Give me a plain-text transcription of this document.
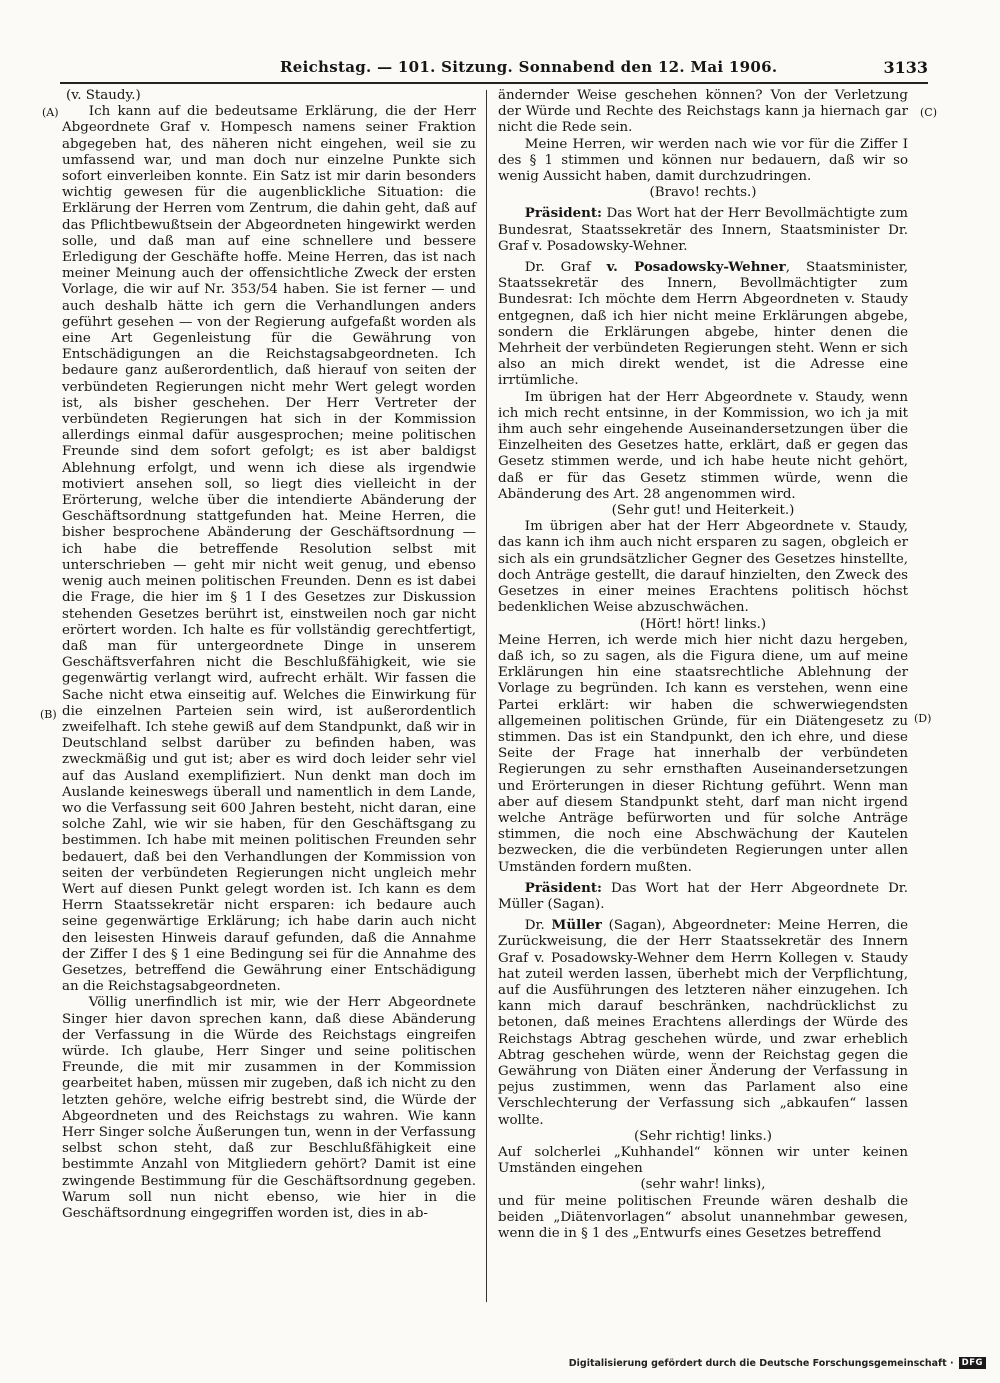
Reichstag. — 101. Sitzung. Sonnabend den 12. Mai 1906.	3133
(A)
(B)
(C)
(D)

(v. Staudy.)

Ich kann auf die bedeutsame Erklärung, die der Herr Abgeordnete Graf v. Hompesch namens seiner Fraktion abgegeben hat, des näheren nicht eingehen, weil sie zu umfassend war, und man doch nur einzelne Punkte sich sofort einverleiben konnte. Ein Satz ist mir darin besonders wichtig gewesen für die augenblickliche Situation: die Erklärung der Herren vom Zentrum, die dahin geht, daß auf das Pflichtbewußtsein der Abgeordneten hingewirkt werden solle, und daß man auf eine schnellere und bessere Erledigung der Geschäfte hoffe. Meine Herren, das ist nach meiner Meinung auch der offensichtliche Zweck der ersten Vorlage, die wir auf Nr. 353/54 haben. Sie ist ferner — und auch deshalb hätte ich gern die Verhandlungen anders geführt gesehen — von der Regierung aufgefaßt worden als eine Art Gegenleistung für die Gewährung von Entschädigungen an die Reichstagsabgeordneten. Ich bedaure ganz außerordentlich, daß hierauf von seiten der verbündeten Regierungen nicht mehr Wert gelegt worden ist, als bisher geschehen. Der Herr Vertreter der verbündeten Regierungen hat sich in der Kommission allerdings einmal dafür ausgesprochen; meine politischen Freunde sind dem sofort gefolgt; es ist aber baldigst Ablehnung erfolgt, und wenn ich diese als irgendwie motiviert ansehen soll, so liegt dies vielleicht in der Erörterung, welche über die intendierte Abänderung der Geschäftsordnung stattgefunden hat. Meine Herren, die bisher besprochene Abänderung der Geschäftsordnung — ich habe die betreffende Resolution selbst mit unterschrieben — geht mir nicht weit genug, und ebenso wenig auch meinen politischen Freunden. Denn es ist dabei die Frage, die hier im § 1 I des Gesetzes zur Diskussion stehenden Gesetzes berührt ist, einstweilen noch gar nicht erörtert worden. Ich halte es für vollständig gerechtfertigt, daß man für untergeordnete Dinge in unserem Geschäftsverfahren nicht die Beschlußfähigkeit, wie sie gegenwärtig verlangt wird, aufrecht erhält. Wir fassen die Sache nicht etwa einseitig auf. Welches die Einwirkung für die einzelnen Parteien sein wird, ist außerordentlich zweifelhaft. Ich stehe gewiß auf dem Standpunkt, daß wir in Deutschland selbst darüber zu befinden haben, was zweckmäßig und gut ist; aber es wird doch leider sehr viel auf das Ausland exemplifiziert. Nun denkt man doch im Auslande keineswegs überall und namentlich in dem Lande, wo die Verfassung seit 600 Jahren besteht, nicht daran, eine solche Zahl, wie wir sie haben, für den Geschäftsgang zu bestimmen. Ich habe mit meinen politischen Freunden sehr bedauert, daß bei den Verhandlungen der Kommission von seiten der verbündeten Regierungen nicht ungleich mehr Wert auf diesen Punkt gelegt worden ist. Ich kann es dem Herrn Staatssekretär nicht ersparen: ich bedaure auch seine gegenwärtige Erklärung; ich habe darin auch nicht den leisesten Hinweis darauf gefunden, daß die Annahme der Ziffer I des § 1 eine Bedingung sei für die Annahme des Gesetzes, betreffend die Gewährung einer Entschädigung an die Reichstagsabgeordneten.

Völlig unerfindlich ist mir, wie der Herr Abgeordnete Singer hier davon sprechen kann, daß diese Abänderung der Verfassung in die Würde des Reichstags eingreifen würde. Ich glaube, Herr Singer und seine politischen Freunde, die mit mir zusammen in der Kommission gearbeitet haben, müssen mir zugeben, daß ich nicht zu den letzten gehöre, welche eifrig bestrebt sind, die Würde der Abgeordneten und des Reichstags zu wahren. Wie kann Herr Singer solche Äußerungen tun, wenn in der Verfassung selbst schon steht, daß zur Beschlußfähigkeit eine bestimmte Anzahl von Mitgliedern gehört? Damit ist eine zwingende Bestimmung für die Geschäftsordnung gegeben. Warum soll nun nicht ebenso, wie hier in die Geschäftsordnung eingegriffen worden ist, dies in ab-

ändernder Weise geschehen können? Von der Verletzung der Würde und Rechte des Reichstags kann ja hiernach gar nicht die Rede sein.

Meine Herren, wir werden nach wie vor für die Ziffer I des § 1 stimmen und können nur bedauern, daß wir so wenig Aussicht haben, damit durchzudringen.

(Bravo! rechts.)

Präsident: Das Wort hat der Herr Bevollmächtigte zum Bundesrat, Staatssekretär des Innern, Staatsminister Dr. Graf v. Posadowsky-Wehner.

Dr. Graf v. Posadowsky-Wehner, Staatsminister, Staatssekretär des Innern, Bevollmächtigter zum Bundesrat: Ich möchte dem Herrn Abgeordneten v. Staudy entgegnen, daß ich hier nicht meine Erklärungen abgebe, sondern die Erklärungen abgebe, hinter denen die Mehrheit der verbündeten Regierungen steht. Wenn er sich also an mich direkt wendet, ist die Adresse eine irrtümliche.

Im übrigen hat der Herr Abgeordnete v. Staudy, wenn ich mich recht entsinne, in der Kommission, wo ich ja mit ihm auch sehr eingehende Auseinandersetzungen über die Einzelheiten des Gesetzes hatte, erklärt, daß er gegen das Gesetz stimmen werde, und ich habe heute nicht gehört, daß er für das Gesetz stimmen würde, wenn die Abänderung des Art. 28 angenommen wird.

(Sehr gut! und Heiterkeit.)

Im übrigen aber hat der Herr Abgeordnete v. Staudy, das kann ich ihm auch nicht ersparen zu sagen, obgleich er sich als ein grundsätzlicher Gegner des Gesetzes hinstellte, doch Anträge gestellt, die darauf hinzielten, den Zweck des Gesetzes in einer meines Erachtens politisch höchst bedenklichen Weise abzuschwächen.

(Hört! hört! links.)

Meine Herren, ich werde mich hier nicht dazu hergeben, daß ich, so zu sagen, als die Figura diene, um auf meine Erklärungen hin eine staatsrechtliche Ablehnung der Vorlage zu begründen. Ich kann es verstehen, wenn eine Partei erklärt: wir haben die schwerwiegendsten allgemeinen politischen Gründe, für ein Diätengesetz zu stimmen. Das ist ein Standpunkt, den ich ehre, und diese Seite der Frage hat innerhalb der verbündeten Regierungen zu sehr ernsthaften Auseinandersetzungen und Erörterungen in dieser Richtung geführt. Wenn man aber auf diesem Standpunkt steht, darf man nicht irgend welche Anträge befürworten und für solche Anträge stimmen, die noch eine Abschwächung der Kautelen bezwecken, die die verbündeten Regierungen unter allen Umständen fordern mußten.

Präsident: Das Wort hat der Herr Abgeordnete Dr. Müller (Sagan).

Dr. Müller (Sagan), Abgeordneter: Meine Herren, die Zurückweisung, die der Herr Staatssekretär des Innern Graf v. Posadowsky-Wehner dem Herrn Kollegen v. Staudy hat zuteil werden lassen, überhebt mich der Verpflichtung, auf die Ausführungen des letzteren näher einzugehen. Ich kann mich darauf beschränken, nachdrücklichst zu betonen, daß meines Erachtens allerdings der Würde des Reichstags Abtrag geschehen würde, und zwar erheblich Abtrag geschehen würde, wenn der Reichstag gegen die Gewährung von Diäten einer Änderung der Verfassung in pejus zustimmen, wenn das Parlament also eine Verschlechterung der Verfassung sich „abkaufen“ lassen wollte.

(Sehr richtig! links.)

Auf solcherlei „Kuhhandel“ können wir unter keinen Umständen eingehen

(sehr wahr! links),

und für meine politischen Freunde wären deshalb die beiden „Diätenvorlagen“ absolut unannehmbar gewesen, wenn die in § 1 des „Entwurfs eines Gesetzes betreffend

Digitalisierung gefördert durch die Deutsche Forschungsgemeinschaft · DFG
